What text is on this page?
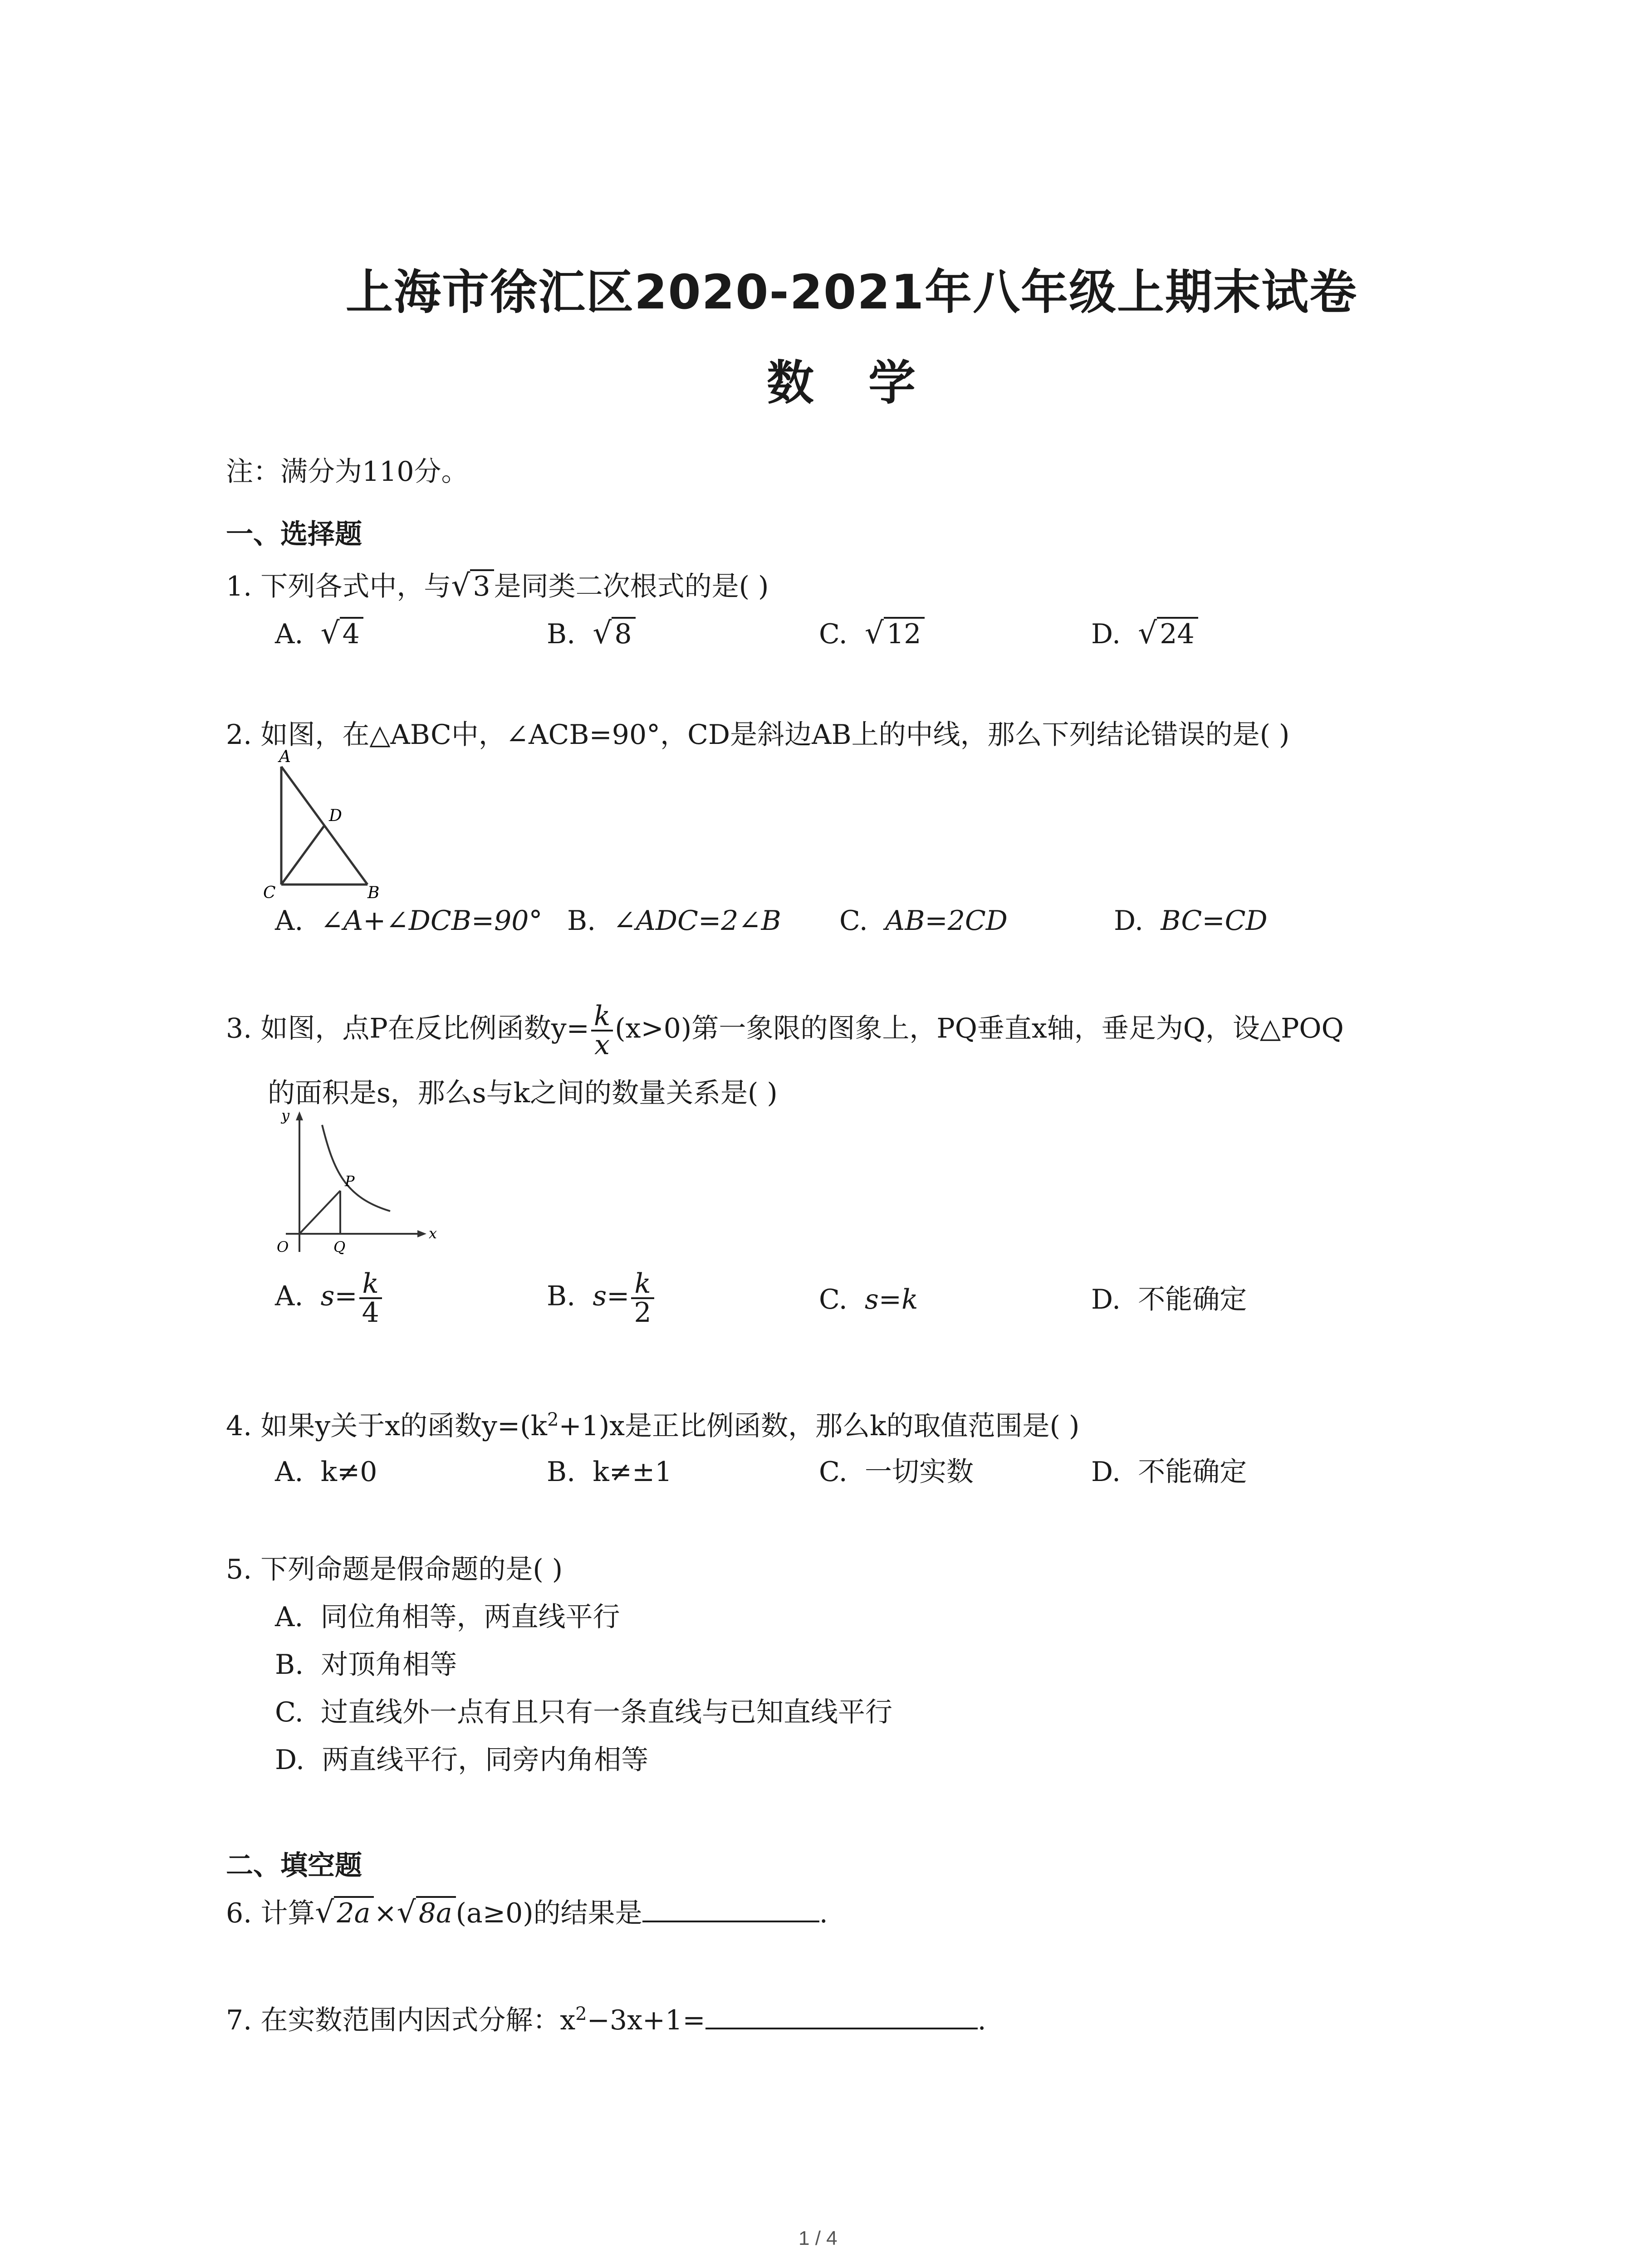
上海市徐汇区2020-2021年八年级上期末试卷
数学
注：满分为110分。
一、选择题
1. 下列各式中，与√ 3 是同类二次根式的是( )
A. √ 4	B. √ 8	C. √ 12	D. √ 24
2. 如图，在△ABC中，∠ACB=90°，CD是斜边AB上的中线，那么下列结论错误的是( )
A
D
C	B
A. ∠A+∠DCB=90° B. ∠ADC=2∠B C. AB=2CD	D. BC=CD
3. 如图，点P在反比例函数$y= \frac{k}{x} (x>0)$第一象限的图象上，PQ垂直x轴，垂足为Q，设△POQ
的面积是s，那么s与k之间的数量关系是( )
y
P
O	Q
x
A. $s= \frac{k}{4}$	B. $s= \frac{k}{2}$	C. s=k	D. 不能确定
4. 如果y关于x的函数$y=(k^2+1)x$是正比例函数，那么k的取值范围是( )
A. k≠0	B. k≠±1	C. 一切实数	D. 不能确定
5. 下列命题是假命题的是( )
A. 同位角相等，两直线平行
B. 对顶角相等
C. 过直线外一点有且只有一条直线与已知直线平行
D. 两直线平行，同旁内角相等
二、填空题
6. 计算√ 2a ×√ 8a (a≥0)的结果是	.
7. 在实数范围内因式分解：$x^2-3x+1=$	.
1 / 4
